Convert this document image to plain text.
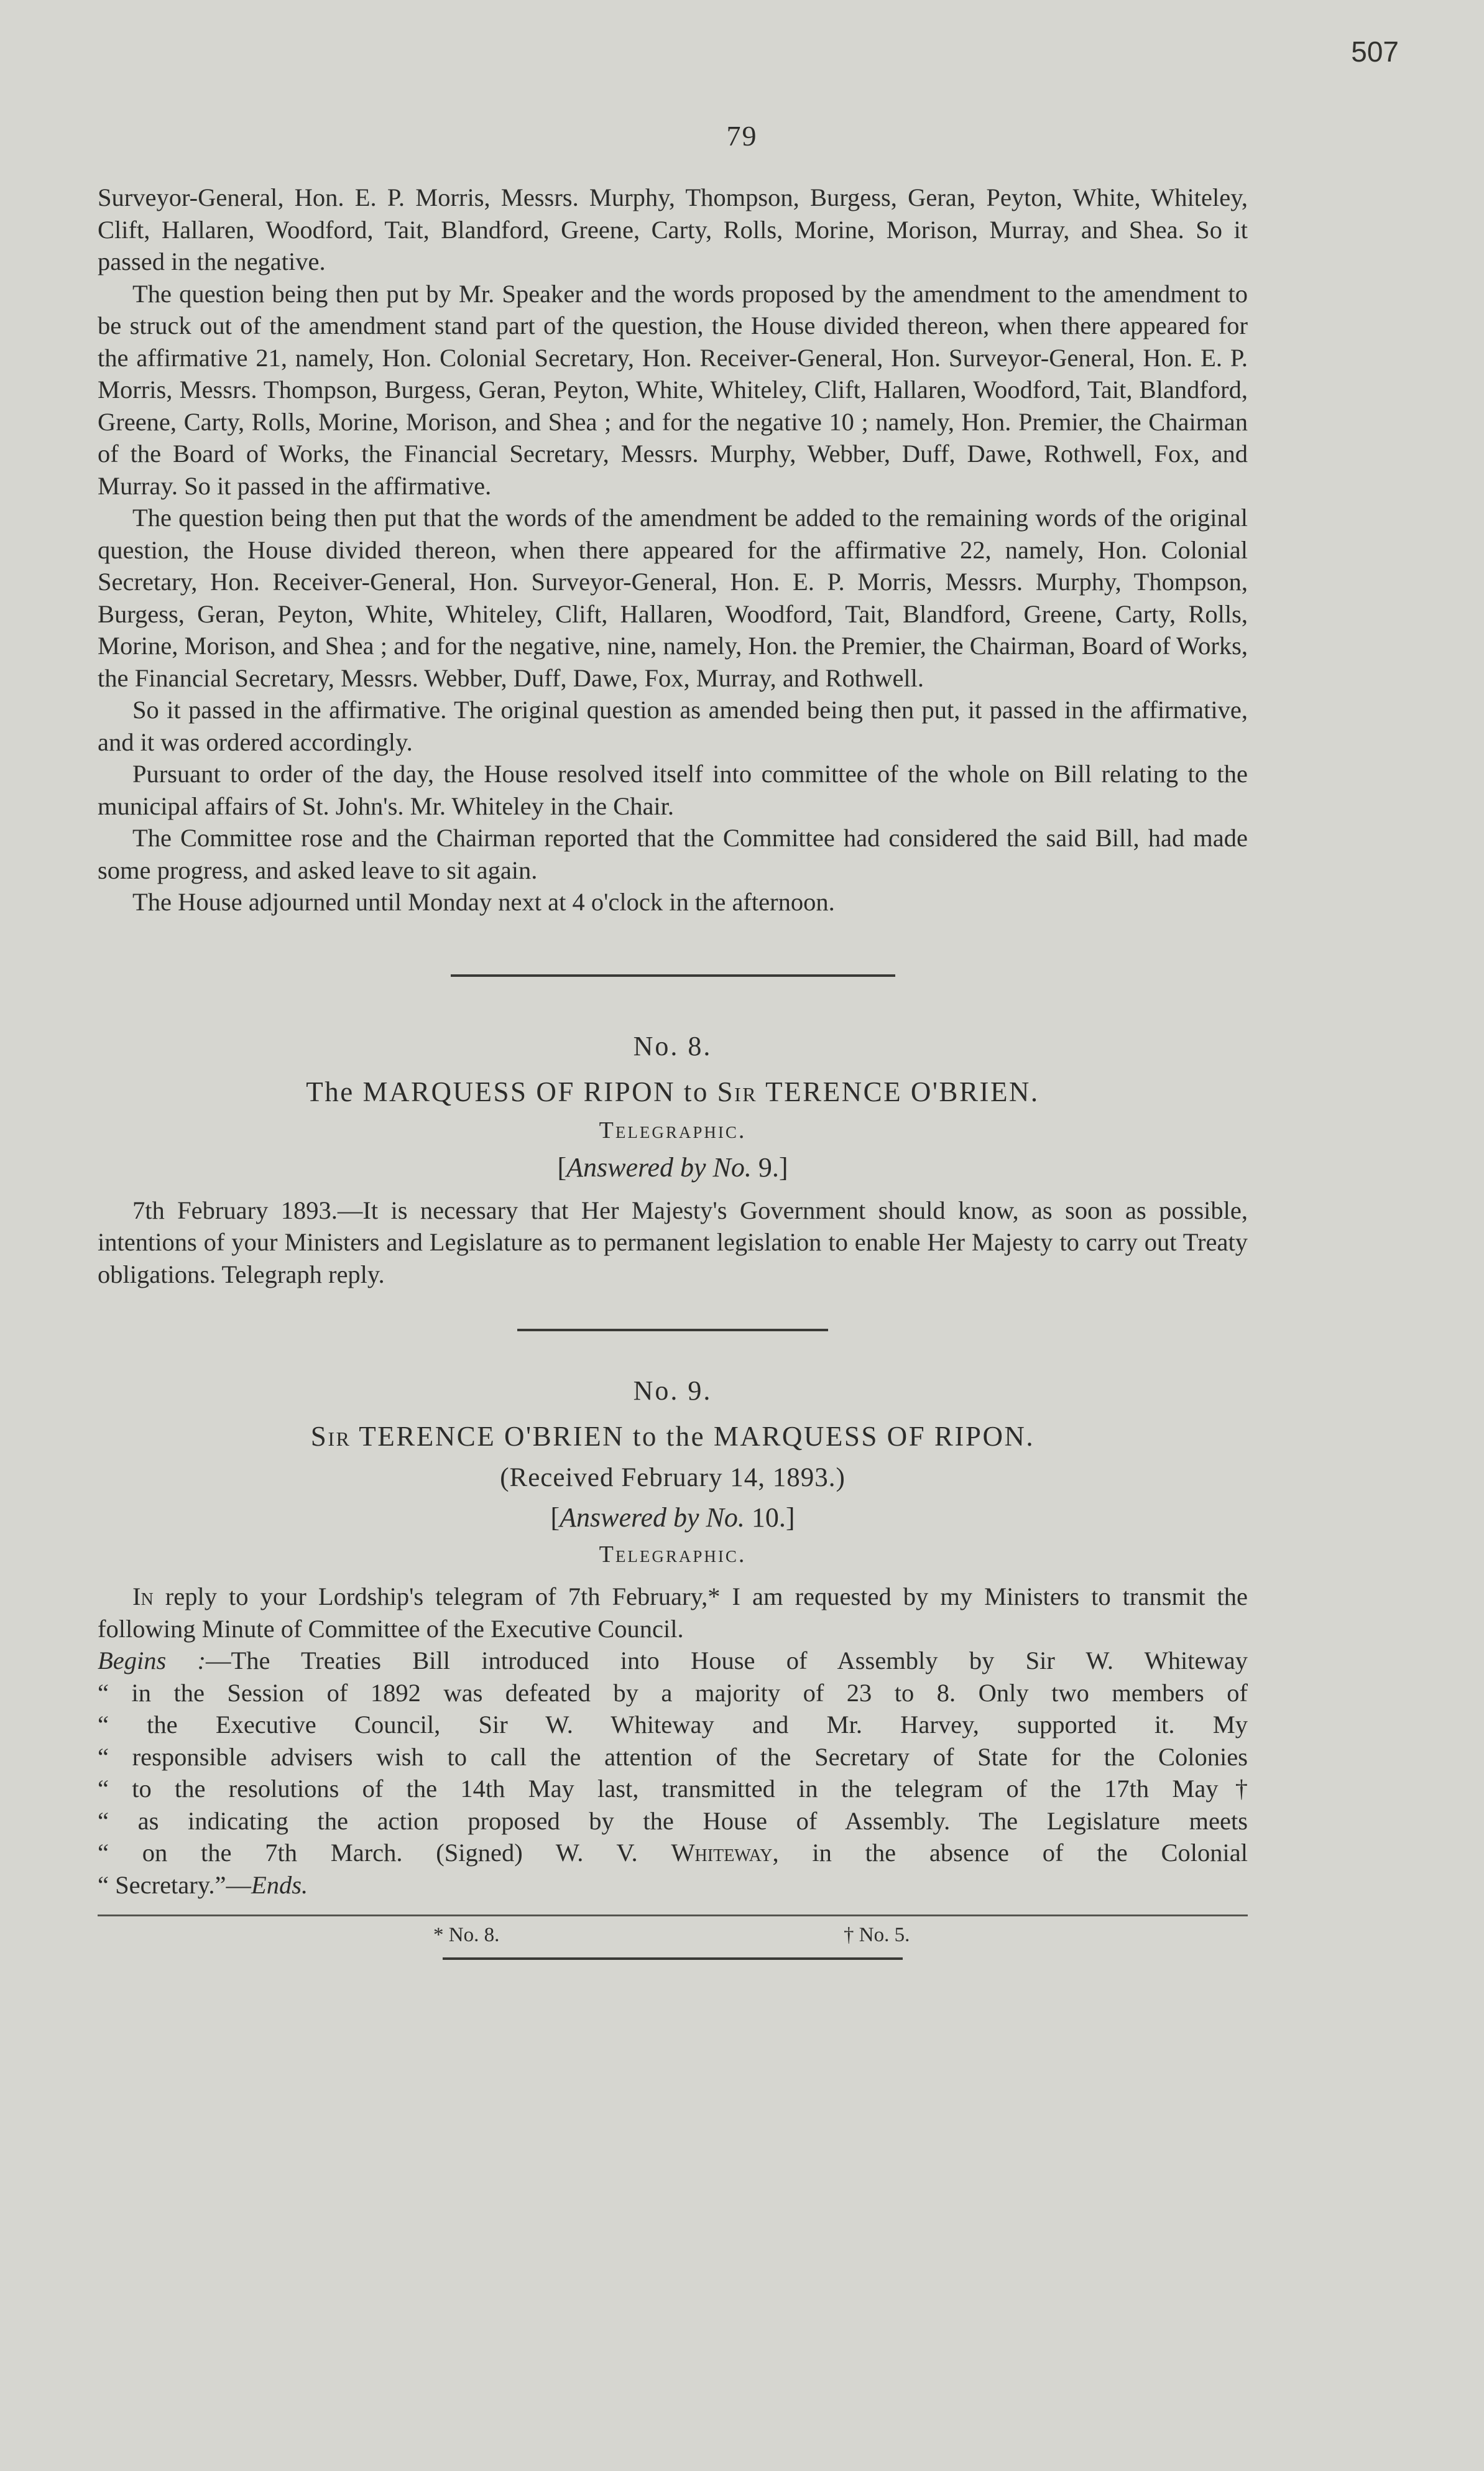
507
79

Surveyor-General, Hon. E. P. Morris, Messrs. Murphy, Thompson, Burgess, Geran, Peyton, White, Whiteley, Clift, Hallaren, Woodford, Tait, Blandford, Greene, Carty, Rolls, Morine, Morison, Murray, and Shea. So it passed in the negative.

The question being then put by Mr. Speaker and the words proposed by the amendment to the amendment to be struck out of the amendment stand part of the question, the House divided thereon, when there appeared for the affirmative 21, namely, Hon. Colonial Secretary, Hon. Receiver-General, Hon. Surveyor-General, Hon. E. P. Morris, Messrs. Thompson, Burgess, Geran, Peyton, White, Whiteley, Clift, Hallaren, Woodford, Tait, Blandford, Greene, Carty, Rolls, Morine, Morison, and Shea ; and for the negative 10 ; namely, Hon. Premier, the Chairman of the Board of Works, the Financial Secretary, Messrs. Murphy, Webber, Duff, Dawe, Rothwell, Fox, and Murray. So it passed in the affirmative.

The question being then put that the words of the amendment be added to the remaining words of the original question, the House divided thereon, when there appeared for the affirmative 22, namely, Hon. Colonial Secretary, Hon. Receiver-General, Hon. Surveyor-General, Hon. E. P. Morris, Messrs. Murphy, Thompson, Burgess, Geran, Peyton, White, Whiteley, Clift, Hallaren, Woodford, Tait, Blandford, Greene, Carty, Rolls, Morine, Morison, and Shea ; and for the negative, nine, namely, Hon. the Premier, the Chairman, Board of Works, the Financial Secretary, Messrs. Webber, Duff, Dawe, Fox, Murray, and Rothwell.

So it passed in the affirmative. The original question as amended being then put, it passed in the affirmative, and it was ordered accordingly.

Pursuant to order of the day, the House resolved itself into committee of the whole on Bill relating to the municipal affairs of St. John's. Mr. Whiteley in the Chair.

The Committee rose and the Chairman reported that the Committee had considered the said Bill, had made some progress, and asked leave to sit again.

The House adjourned until Monday next at 4 o'clock in the afternoon.

No. 8.

The MARQUESS OF RIPON to Sir TERENCE O'BRIEN.

Telegraphic.

[Answered by No. 9.]

7th February 1893.—It is necessary that Her Majesty's Government should know, as soon as possible, intentions of your Ministers and Legislature as to permanent legislation to enable Her Majesty to carry out Treaty obligations. Telegraph reply.

No. 9.

Sir TERENCE O'BRIEN to the MARQUESS OF RIPON.

(Received February 14, 1893.)

[Answered by No. 10.]

Telegraphic.

In reply to your Lordship's telegram of 7th February,* I am requested by my Ministers to transmit the following Minute of Committee of the Executive Council.

Begins :—The Treaties Bill introduced into House of Assembly by Sir W. Whiteway

“ in the Session of 1892 was defeated by a majority of 23 to 8. Only two members of

“ the Executive Council, Sir W. Whiteway and Mr. Harvey, supported it. My

“ responsible advisers wish to call the attention of the Secretary of State for the Colonies

“ to the resolutions of the 14th May last, transmitted in the telegram of the 17th May†

“ as indicating the action proposed by the House of Assembly. The Legislature meets

“ on the 7th March. (Signed) W. V. Whiteway, in the absence of the Colonial

“ Secretary.”—Ends.

* No. 8.	† No. 5.
